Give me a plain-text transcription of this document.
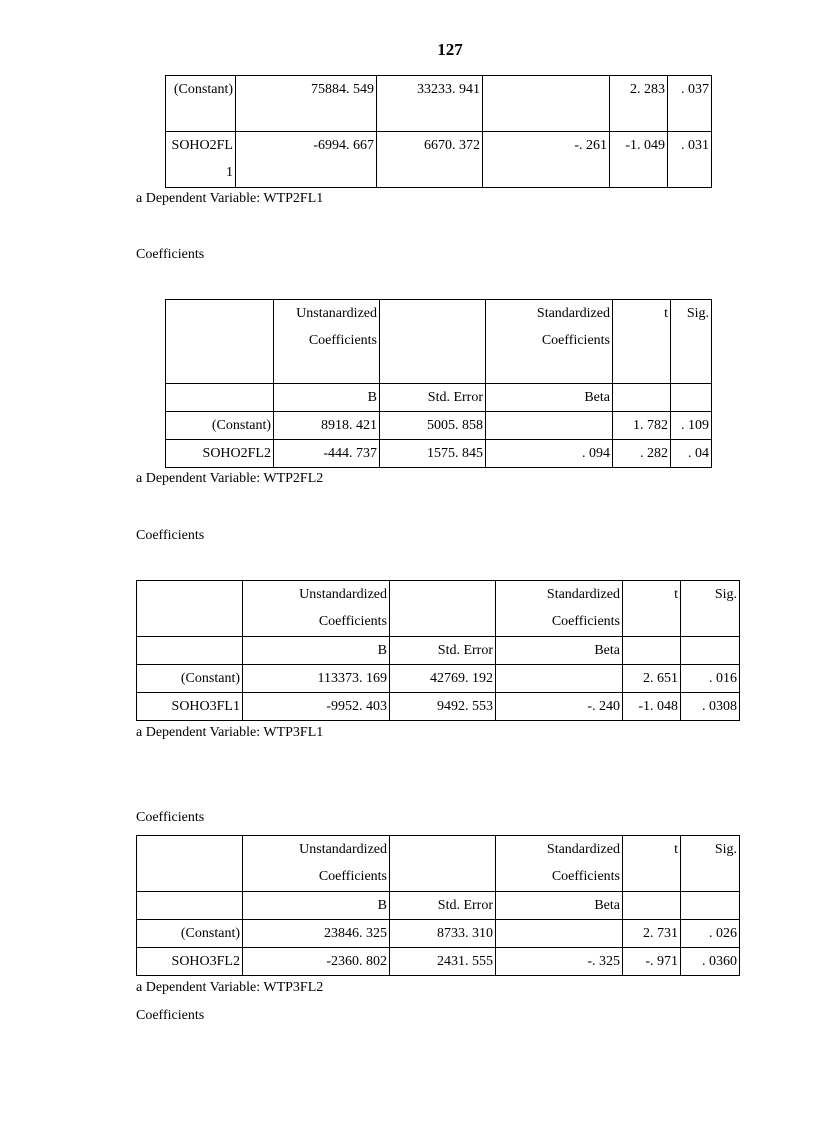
127
(Constant)	75884. 549	33233. 941		2. 283	. 037
SOHO2FL1	-6994. 667	6670. 372	-. 261	-1. 049	. 031
a Dependent Variable: WTP2FL1
Coefficients
	Unstanardized Coefficients		Standardized Coefficients	t	Sig.
	B	Std. Error	Beta		
(Constant)	8918. 421	5005. 858		1. 782	. 109
SOHO2FL2	-444. 737	1575. 845	. 094	. 282	. 04
a Dependent Variable: WTP2FL2
Coefficients
	Unstandardized Coefficients		Standardized Coefficients	t	Sig.
	B	Std. Error	Beta		
(Constant)	113373. 169	42769. 192		2. 651	. 016
SOHO3FL1	-9952. 403	9492. 553	-. 240	-1. 048	. 0308
a Dependent Variable: WTP3FL1
Coefficients
	Unstandardized Coefficients		Standardized Coefficients	t	Sig.
	B	Std. Error	Beta		
(Constant)	23846. 325	8733. 310		2. 731	. 026
SOHO3FL2	-2360. 802	2431. 555	-. 325	-. 971	. 0360
a Dependent Variable: WTP3FL2
Coefficients
